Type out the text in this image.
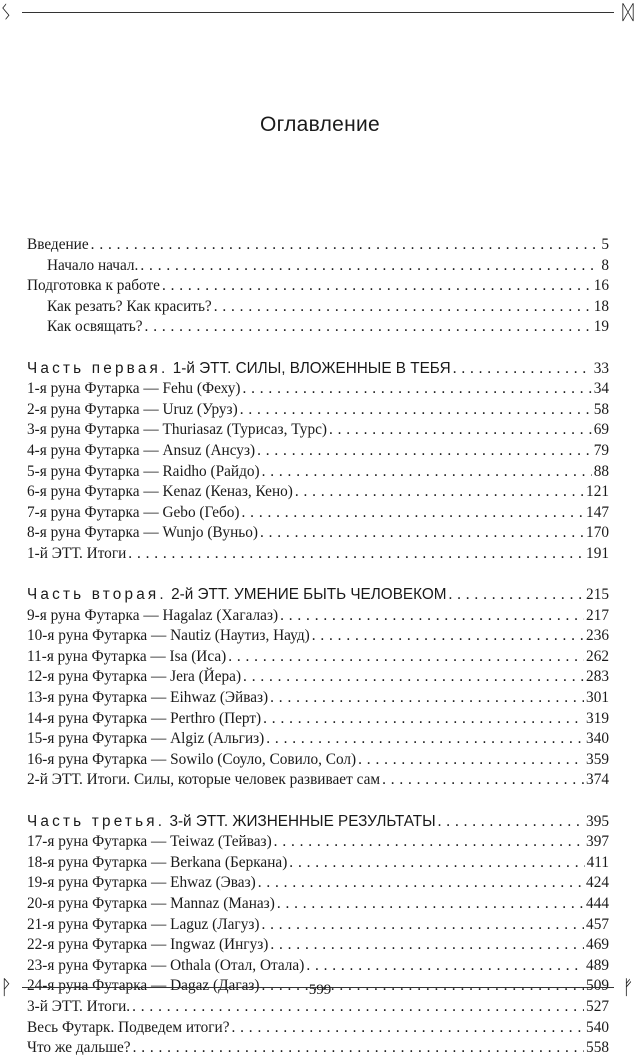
ᛊ	ᛞ
Оглавление
Введение . . .	5
Начало начал. . . .	8
Подготовка к работе . . .	16
Как резать? Как красить? . . .	18
Как освящать? . . .	19
Часть первая. 1-й ЭТТ. СИЛЫ, ВЛОЖЕННЫЕ В ТЕБЯ . . .	33
1-я руна Футарка — Fehu (Феху) . . .	34
2-я руна Футарка — Uruz (Уруз) . . .	58
3-я руна Футарка — Thuriasaz (Турисаз, Турс) . . .	69
4-я руна Футарка — Ansuz (Ансуз) . . .	79
5-я руна Футарка — Raidho (Райдо) . . .	88
6-я руна Футарка — Kenaz (Кеназ, Кено) . . .	121
7-я руна Футарка — Gebo (Гебо) . . .	147
8-я руна Футарка — Wunjo (Вуньо) . . .	170
1-й ЭТТ. Итоги . . .	191
Часть вторая. 2-й ЭТТ. УМЕНИЕ БЫТЬ ЧЕЛОВЕКОМ . . .	215
9-я руна Футарка — Hagalaz (Хагалаз) . . .	217
10-я руна Футарка — Nautiz (Наутиз, Науд) . . .	236
11-я руна Футарка — Isa (Иса) . . .	262
12-я руна Футарка — Jera (Йера) . . .	283
13-я руна Футарка — Eihwaz (Эйваз) . . .	301
14-я руна Футарка — Perthro (Перт) . . .	319
15-я руна Футарка — Algiz (Альгиз) . . .	340
16-я руна Футарка — Sowilo (Соуло, Совило, Сол) . . .	359
2-й ЭТТ. Итоги. Силы, которые человек развивает сам . . .	374
Часть третья. 3-й ЭТТ. ЖИЗНЕННЫЕ РЕЗУЛЬТАТЫ . . .	395
17-я руна Футарка — Teiwaz (Тейваз) . . .	397
18-я руна Футарка — Berkana (Беркана) . . .	411
19-я руна Футарка — Ehwaz (Эваз) . . .	424
20-я руна Футарка — Mannaz (Маназ) . . .	444
21-я руна Футарка — Laguz (Лагуз) . . .	457
22-я руна Футарка — Ingwaz (Ингуз) . . .	469
23-я руна Футарка — Othala (Отал, Отала) . . .	489
24-я руна Футарка — Dagaz (Дагаз) . . .	509
3-й ЭТТ. Итоги. . . .	527
Весь Футарк. Подведем итоги? . . .	540
Что же дальше? . . .	558
ᚹ	ᚠ
599
